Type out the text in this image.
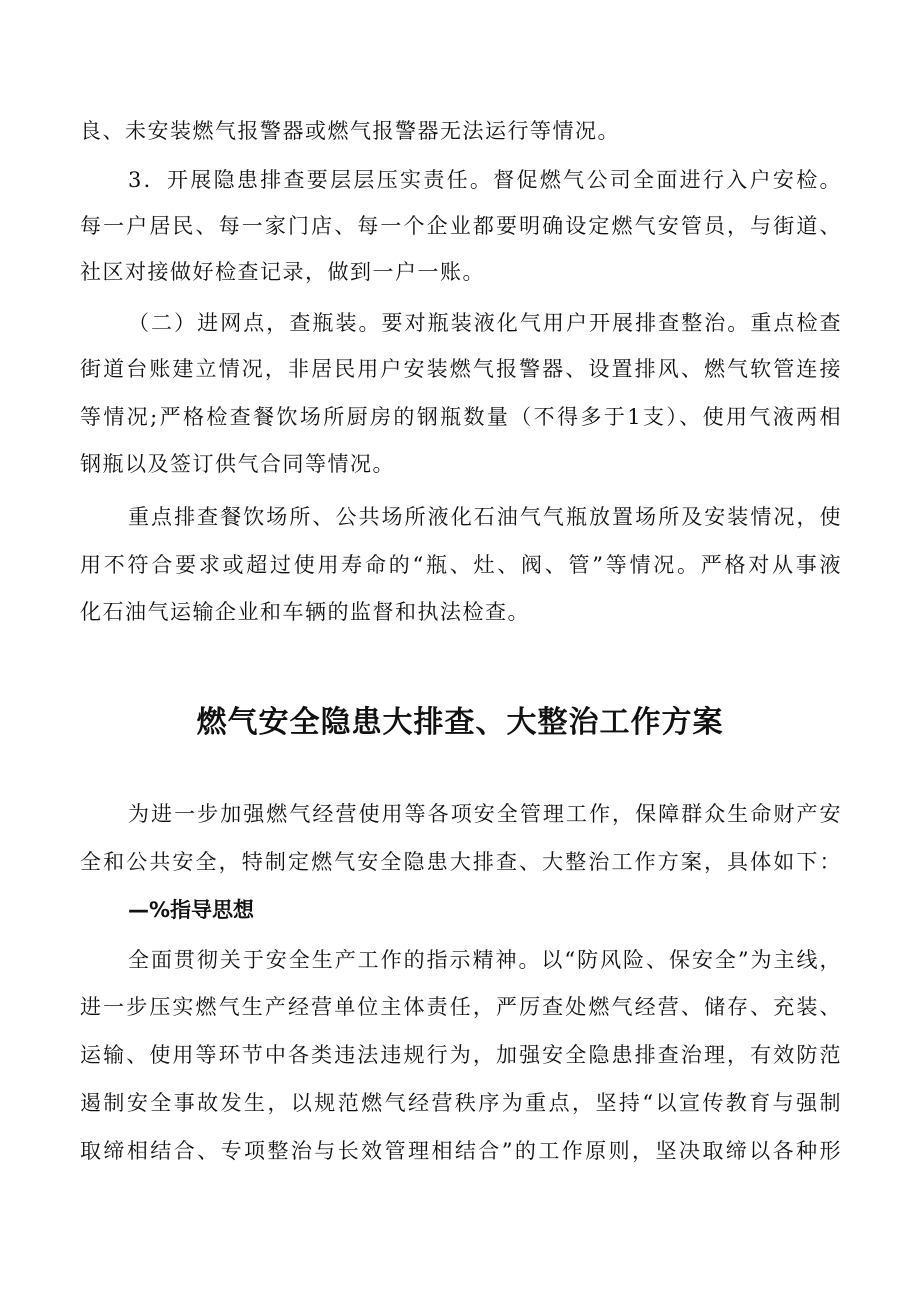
良、未安装燃气报警器或燃气报警器无法运行等情况。
3．开展隐患排查要层层压实责任。督促燃气公司全面进行入户安检。
每一户居民、每一家门店、每一个企业都要明确设定燃气安管员，与街道、
社区对接做好检查记录，做到一户一账。
（二）进网点，查瓶装。要对瓶装液化气用户开展排查整治。重点检查
街道台账建立情况，非居民用户安装燃气报警器、设置排风、燃气软管连接
等情况;严格检查餐饮场所厨房的钢瓶数量（不得多于1支）、使用气液两相
钢瓶以及签订供气合同等情况。
重点排查餐饮场所、公共场所液化石油气气瓶放置场所及安装情况，使
用不符合要求或超过使用寿命的“瓶、灶、阀、管”等情况。严格对从事液
化石油气运输企业和车辆的监督和执法检查。
燃气安全隐患大排查、大整治工作方案
为进一步加强燃气经营使用等各项安全管理工作，保障群众生命财产安
全和公共安全，特制定燃气安全隐患大排查、大整治工作方案，具体如下：
—%指导思想
全面贯彻关于安全生产工作的指示精神。以“防风险、保安全”为主线，
进一步压实燃气生产经营单位主体责任，严厉查处燃气经营、储存、充装、
运输、使用等环节中各类违法违规行为，加强安全隐患排查治理，有效防范
遏制安全事故发生，以规范燃气经营秩序为重点，坚持“以宣传教育与强制
取缔相结合、专项整治与长效管理相结合”的工作原则，坚决取缔以各种形
